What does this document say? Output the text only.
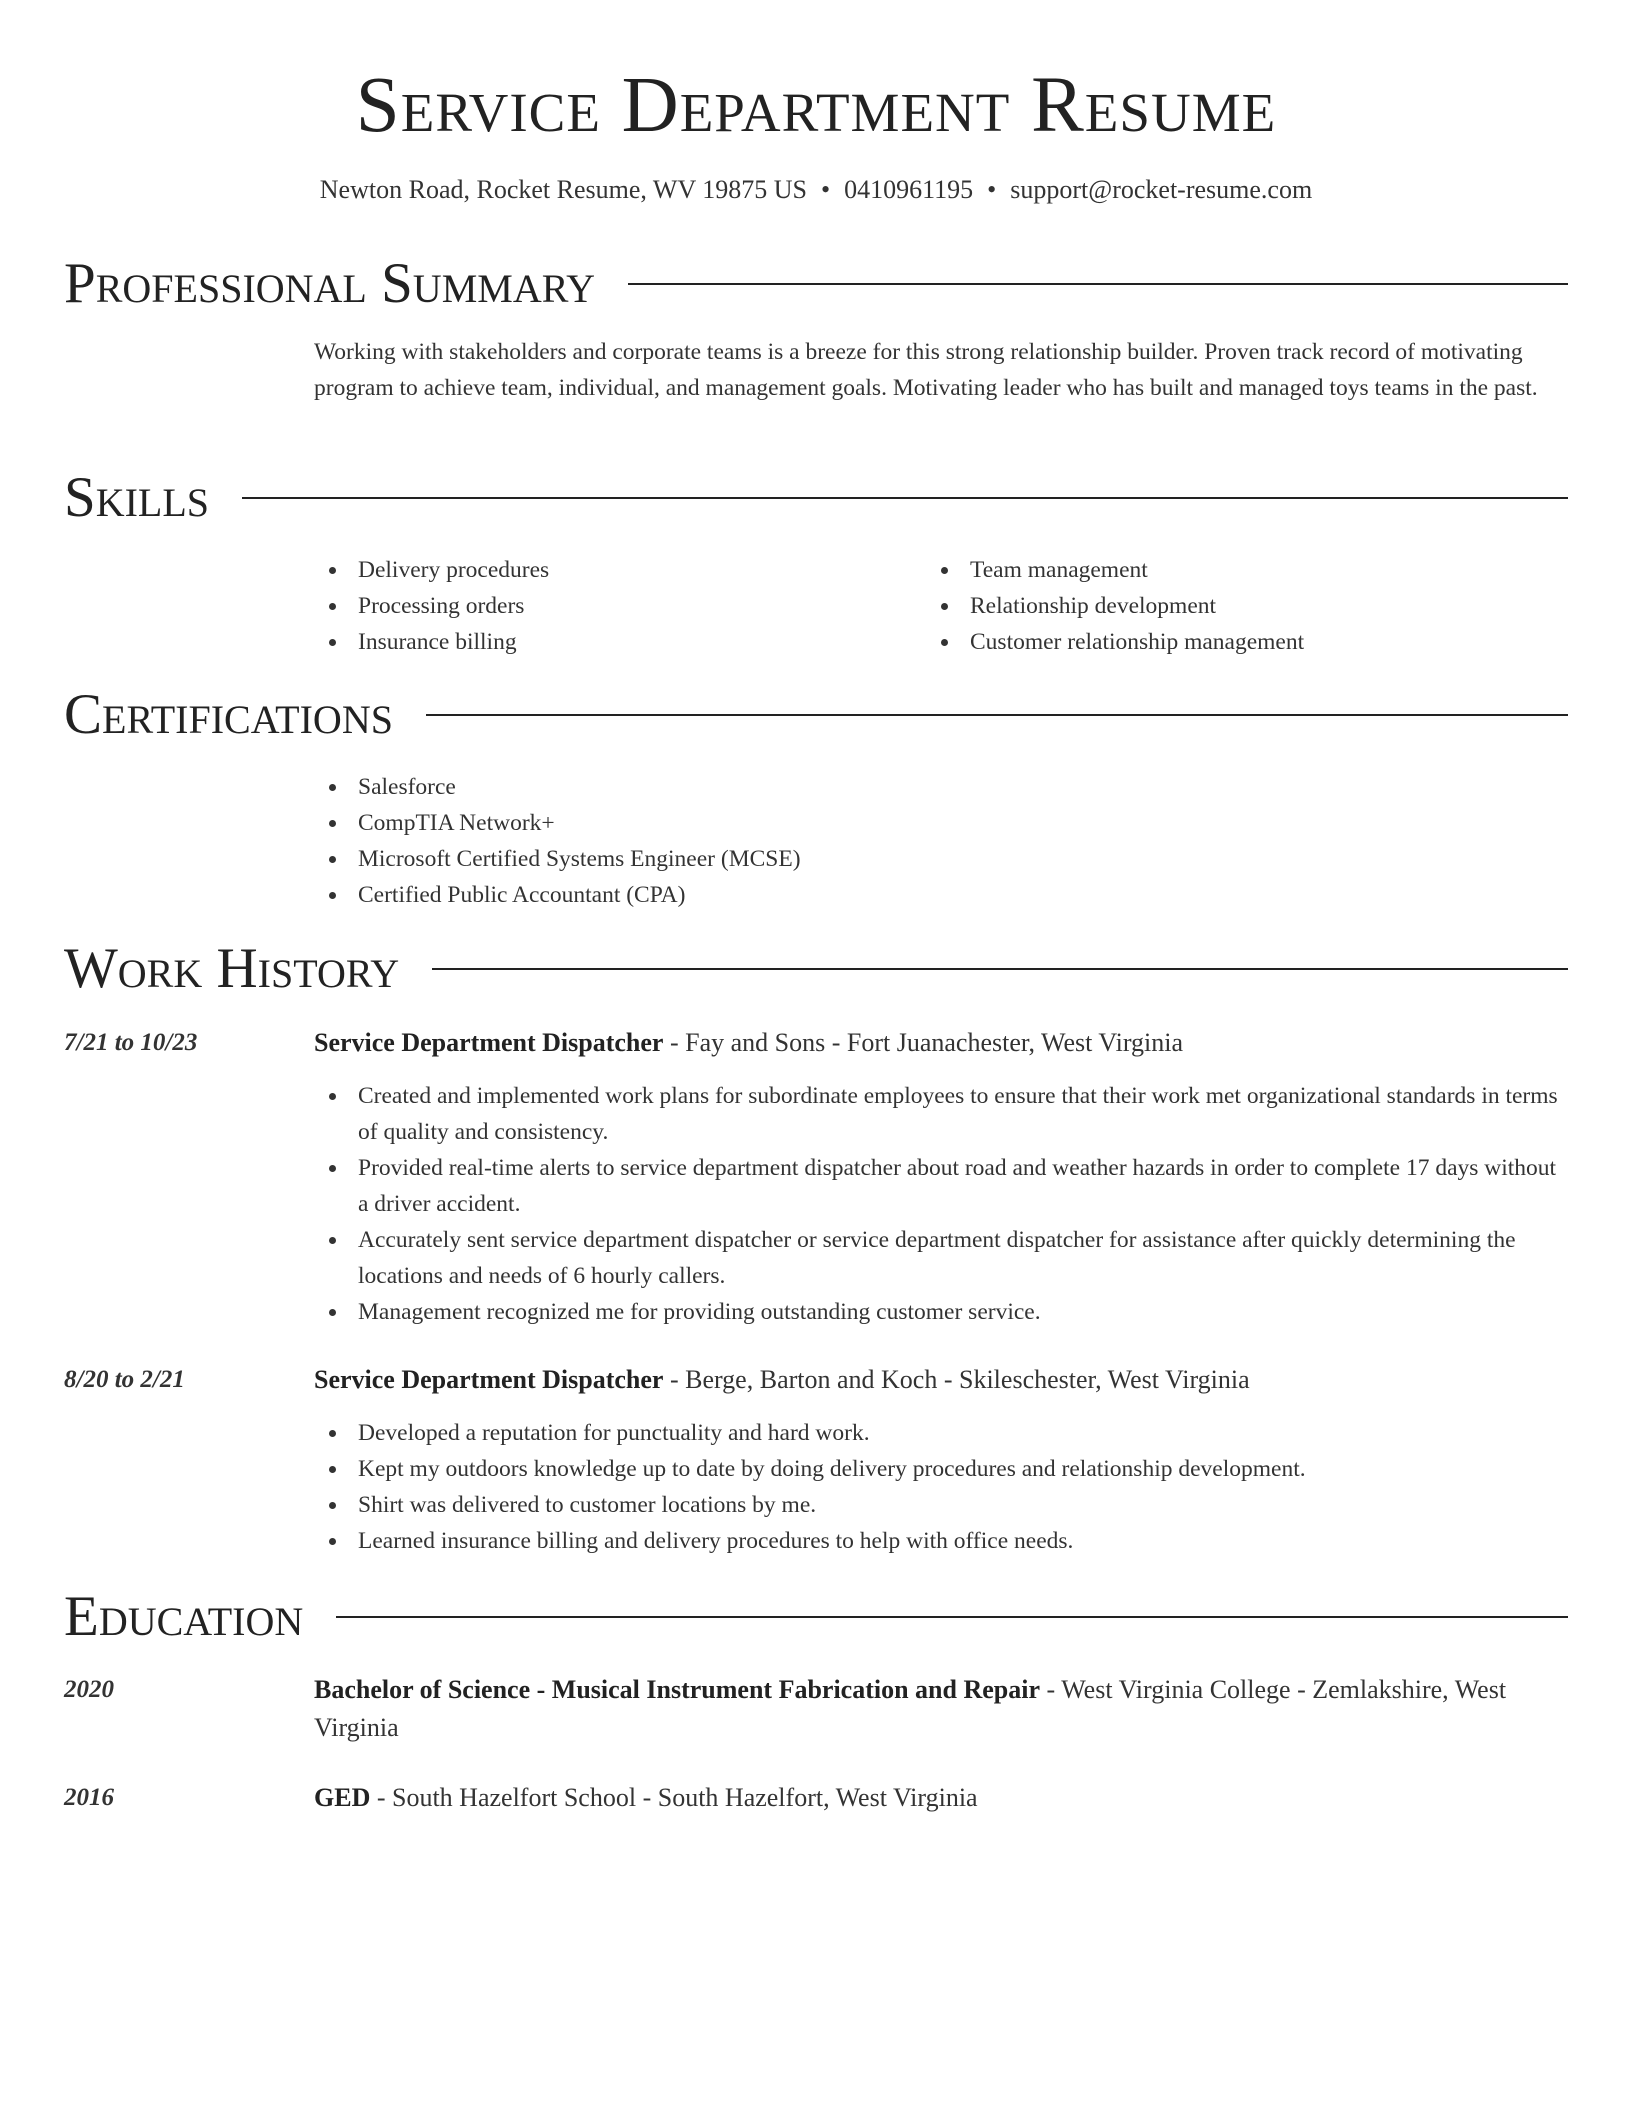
Service Department Resume
Newton Road, Rocket Resume, WV 19875 US • 0410961195 • support@rocket-resume.com
Professional Summary

Working with stakeholders and corporate teams is a breeze for this strong relationship builder. Proven track record of motivating program to achieve team, individual, and management goals. Motivating leader who has built and managed toys teams in the past.

Skills
Delivery procedures
Processing orders
Insurance billing
Team management
Relationship development
Customer relationship management
Certifications
Salesforce
CompTIA Network+
Microsoft Certified Systems Engineer (MCSE)
Certified Public Accountant (CPA)
Work History
7/21 to 10/23	Service Department Dispatcher - Fay and Sons - Fort Juanachester, West Virginia
Created and implemented work plans for subordinate employees to ensure that their work met organizational standards in terms of quality and consistency.
Provided real-time alerts to service department dispatcher about road and weather hazards in order to complete 17 days without a driver accident.
Accurately sent service department dispatcher or service department dispatcher for assistance after quickly determining the locations and needs of 6 hourly callers.
Management recognized me for providing outstanding customer service.
8/20 to 2/21	Service Department Dispatcher - Berge, Barton and Koch - Skileschester, West Virginia
Developed a reputation for punctuality and hard work.
Kept my outdoors knowledge up to date by doing delivery procedures and relationship development.
Shirt was delivered to customer locations by me.
Learned insurance billing and delivery procedures to help with office needs.
Education
2020	Bachelor of Science - Musical Instrument Fabrication and Repair - West Virginia College - Zemlakshire, West Virginia
2016	GED - South Hazelfort School - South Hazelfort, West Virginia
